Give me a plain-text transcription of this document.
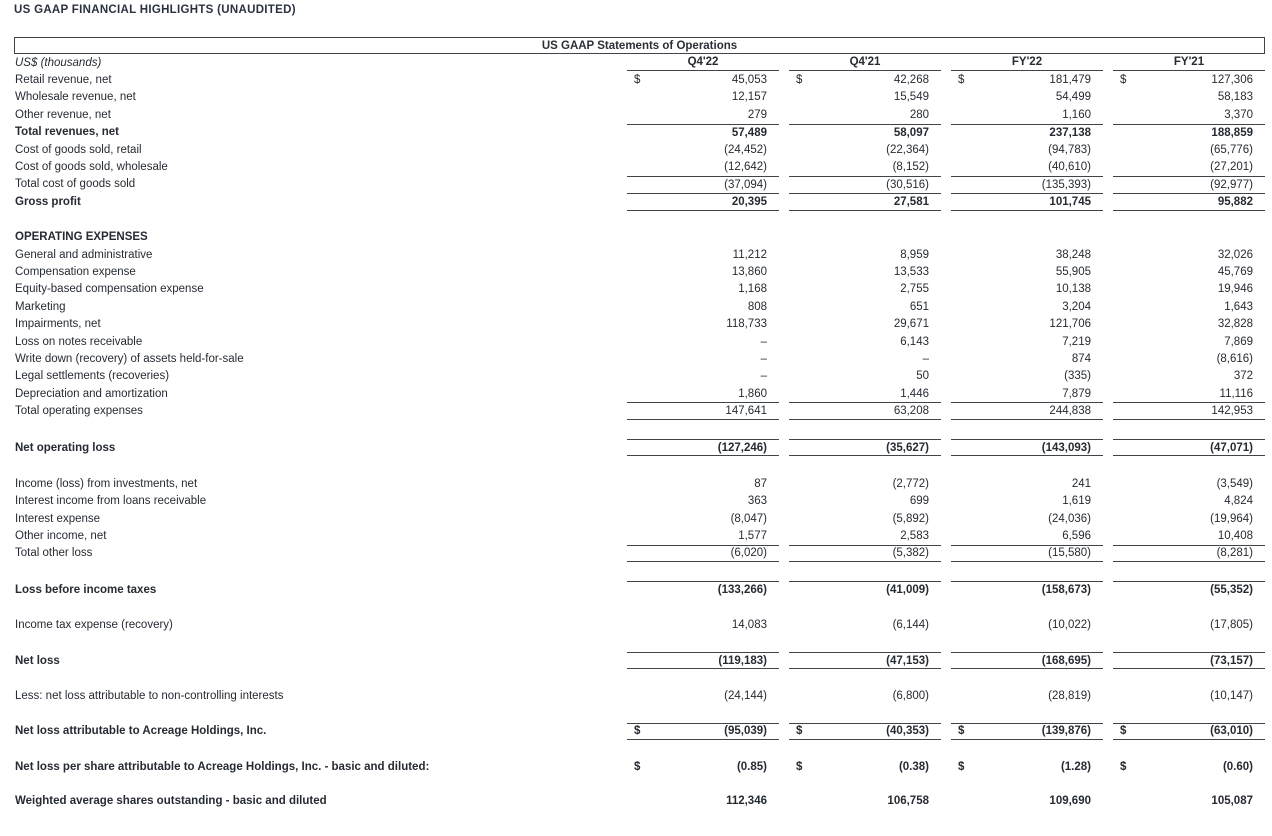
US GAAP FINANCIAL HIGHLIGHTS (UNAUDITED)
US GAAP Statements of Operations
US$ (thousands)	Q4'22	Q4'21	FY'22	FY'21
Retail revenue, net	$	45,053	$	42,268	$	181,479	$	127,306
Wholesale revenue, net	12,157	15,549	54,499	58,183
Other revenue, net	279	280	1,160	3,370
Total revenues, net	57,489	58,097	237,138	188,859
Cost of goods sold, retail	(24,452)	(22,364)	(94,783)	(65,776)
Cost of goods sold, wholesale	(12,642)	(8,152)	(40,610)	(27,201)
Total cost of goods sold	(37,094)	(30,516)	(135,393)	(92,977)
Gross profit	20,395	27,581	101,745	95,882
OPERATING EXPENSES
General and administrative	11,212	8,959	38,248	32,026
Compensation expense	13,860	13,533	55,905	45,769
Equity-based compensation expense	1,168	2,755	10,138	19,946
Marketing	808	651	3,204	1,643
Impairments, net	118,733	29,671	121,706	32,828
Loss on notes receivable	–	6,143	7,219	7,869
Write down (recovery) of assets held-for-sale	–	–	874	(8,616)
Legal settlements (recoveries)	–	50	(335)	372
Depreciation and amortization	1,860	1,446	7,879	11,116
Total operating expenses	147,641	63,208	244,838	142,953
Net operating loss	(127,246)	(35,627)	(143,093)	(47,071)
Income (loss) from investments, net	87	(2,772)	241	(3,549)
Interest income from loans receivable	363	699	1,619	4,824
Interest expense	(8,047)	(5,892)	(24,036)	(19,964)
Other income, net	1,577	2,583	6,596	10,408
Total other loss	(6,020)	(5,382)	(15,580)	(8,281)
Loss before income taxes	(133,266)	(41,009)	(158,673)	(55,352)
Income tax expense (recovery)	14,083	(6,144)	(10,022)	(17,805)
Net loss	(119,183)	(47,153)	(168,695)	(73,157)
Less: net loss attributable to non-controlling interests	(24,144)	(6,800)	(28,819)	(10,147)
Net loss attributable to Acreage Holdings, Inc.	$	(95,039)	$	(40,353)	$	(139,876)	$	(63,010)
Net loss per share attributable to Acreage Holdings, Inc. - basic and diluted:	$	(0.85)	$	(0.38)	$	(1.28)	$	(0.60)
Weighted average shares outstanding - basic and diluted	112,346	106,758	109,690	105,087
